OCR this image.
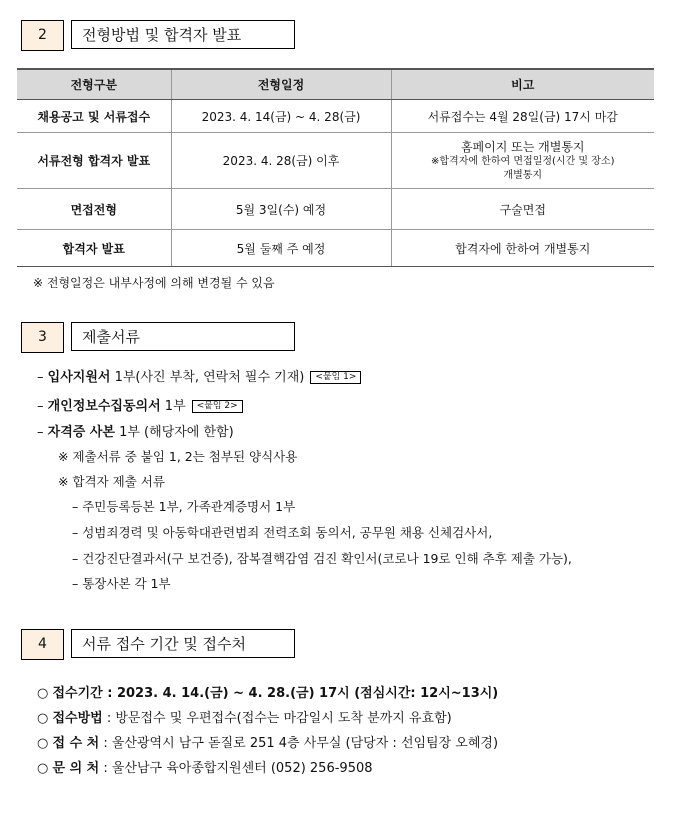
2	전형방법 및 합격자 발표
전형구분	전형일정	비고
채용공고 및 서류접수	2023. 4. 14(금) ~ 4. 28(금)	서류접수는 4월 28일(금) 17시 마감
서류전형 합격자 발표	2023. 4. 28(금) 이후	홈페이지 또는 개별통지
※합격자에 한하여 면접일정(시간 및 장소)
개별통지

면접전형	5월 3일(수) 예정	구술면접
합격자 발표	5월 둘째 주 예정	합격자에 한하여 개별통지
※ 전형일정은 내부사정에 의해 변경될 수 있음
3	제출서류
– 입사지원서 1부(사진 부착, 연락처 필수 기재) <붙임 1>
– 개인정보수집동의서 1부 <붙임 2>
– 자격증 사본 1부 (해당자에 한함)
※ 제출서류 중 붙임 1, 2는 첨부된 양식사용
※ 합격자 제출 서류
– 주민등록등본 1부, 가족관계증명서 1부
– 성범죄경력 및 아동학대관련범죄 전력조회 동의서, 공무원 채용 신체검사서,
– 건강진단결과서(구 보건증), 잠복결핵감염 검진 확인서(코로나 19로 인해 추후 제출 가능),
– 통장사본 각 1부
4	서류 접수 기간 및 접수처
○ 접수기간 : 2023. 4. 14.(금) ~ 4. 28.(금) 17시 (점심시간: 12시~13시)
○ 접수방법 : 방문접수 및 우편접수(접수는 마감일시 도착 분까지 유효함)
○ 접 수 처 : 울산광역시 남구 돋질로 251 4층 사무실 (담당자 : 선임팀장 오혜경)
○ 문 의 처 : 울산남구 육아종합지원센터 (052) 256-9508
